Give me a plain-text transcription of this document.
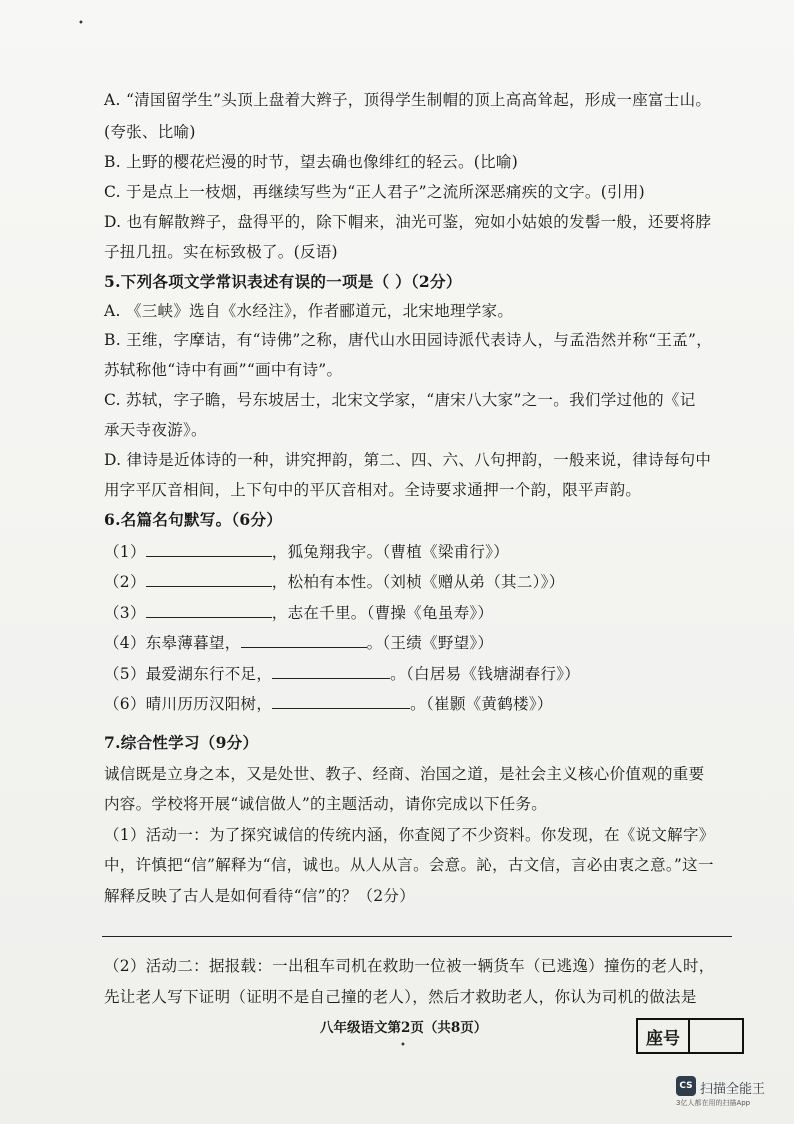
•
A. “清国留学生”头顶上盘着大辫子，顶得学生制帽的顶上高高耸起，形成一座富士山。
(夸张、比喻)
B. 上野的樱花烂漫的时节，望去确也像绯红的轻云。(比喻)
C. 于是点上一枝烟，再继续写些为“正人君子”之流所深恶痛疾的文字。(引用)
D. 也有解散辫子，盘得平的，除下帽来，油光可鉴，宛如小姑娘的发髻一般，还要将脖
子扭几扭。实在标致极了。(反语)
5.下列各项文学常识表述有误的一项是（ ）（2分）
A. 《三峡》选自《水经注》，作者郦道元，北宋地理学家。
B. 王维，字摩诘，有“诗佛”之称，唐代山水田园诗派代表诗人，与孟浩然并称“王孟”，
苏轼称他“诗中有画”“画中有诗”。
C. 苏轼，字子瞻，号东坡居士，北宋文学家，“唐宋八大家”之一。我们学过他的《记
承天寺夜游》。
D. 律诗是近体诗的一种，讲究押韵，第二、四、六、八句押韵，一般来说，律诗每句中
用字平仄音相间，上下句中的平仄音相对。全诗要求通押一个韵，限平声韵。
6.名篇名句默写。（6分）
（1）	，狐兔翔我宇。（曹植《梁甫行》）
（2）	，松柏有本性。（刘桢《赠从弟（其二）》）
（3）	，志在千里。（曹操《龟虽寿》）
（4）东皋薄暮望，	。（王绩《野望》）
（5）最爱湖东行不足，	。（白居易《钱塘湖春行》）
（6）晴川历历汉阳树，	。（崔颢《黄鹤楼》）
7.综合性学习（9分）
诚信既是立身之本，又是处世、教子、经商、治国之道，是社会主义核心价值观的重要
内容。学校将开展“诚信做人”的主题活动，请你完成以下任务。
（1）活动一：为了探究诚信的传统内涵，你查阅了不少资料。你发现，在《说文解字》
中，许慎把“信”解释为“信，诚也。从人从言。会意。訫，古文信，言必由衷之意。”这一
解释反映了古人是如何看待“信”的？（2分）
（2）活动二：据报载：一出租车司机在救助一位被一辆货车（已逃逸）撞伤的老人时，
先让老人写下证明（证明不是自己撞的老人），然后才救助老人，你认为司机的做法是
八年级语文第2页（共8页）
座号
•
CS 扫描全能王
3亿人都在用的扫描App
